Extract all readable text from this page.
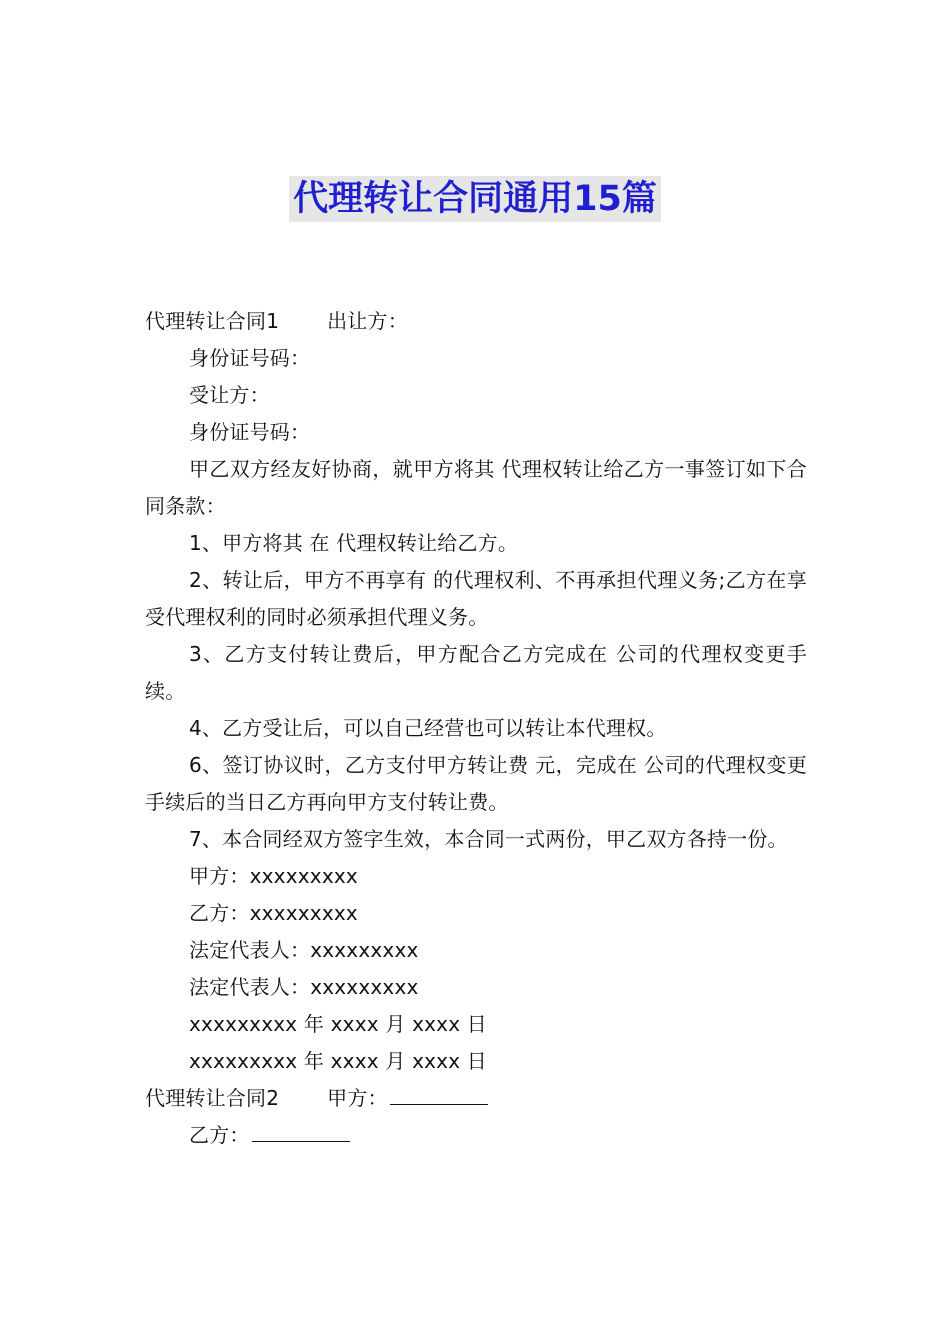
代理转让合同通用15篇

代理转让合同1 出让方：

身份证号码：

受让方：

身份证号码：

甲乙双方经友好协商，就甲方将其 代理权转让给乙方一事签订如下合同条款：

1、甲方将其 在 代理权转让给乙方。

2、转让后，甲方不再享有 的代理权利、不再承担代理义务;乙方在享受代理权利的同时必须承担代理义务。

3、乙方支付转让费后，甲方配合乙方完成在 公司的代理权变更手续。

4、乙方受让后，可以自己经营也可以转让本代理权。

6、签订协议时，乙方支付甲方转让费 元，完成在 公司的代理权变更手续后的当日乙方再向甲方支付转让费。

7、本合同经双方签字生效，本合同一式两份，甲乙双方各持一份。

甲方：xxxxxxxxx

乙方：xxxxxxxxx

法定代表人：xxxxxxxxx

法定代表人：xxxxxxxxx

xxxxxxxxx 年 xxxx 月 xxxx 日

xxxxxxxxx 年 xxxx 月 xxxx 日

代理转让合同2 甲方：

乙方：
